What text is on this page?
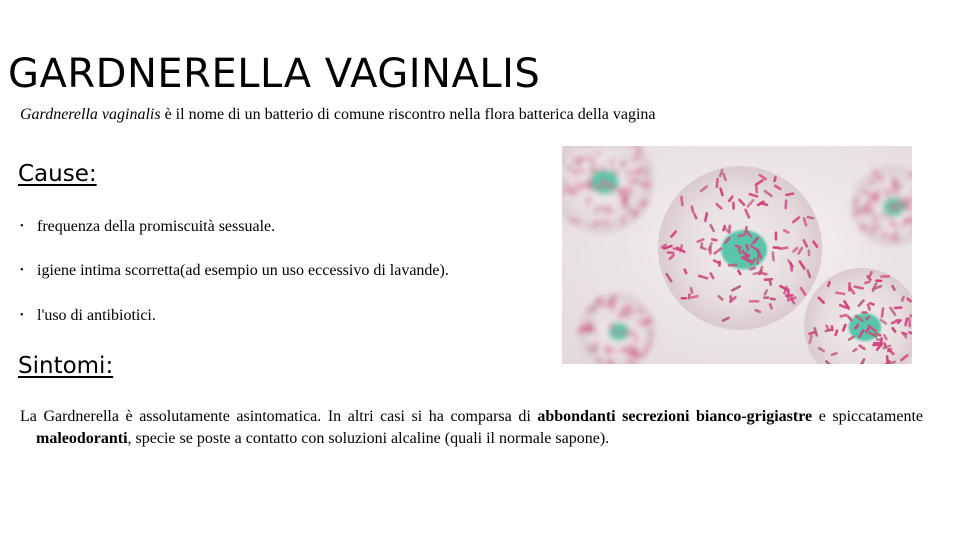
GARDNERELLA VAGINALIS

Gardnerella vaginalis è il nome di un batterio di comune riscontro nella flora batterica della vagina

Cause:
• frequenza della promiscuità sessuale.
• igiene intima scorretta(ad esempio un uso eccessivo di lavande).
• l'uso di antibiotici.
Sintomi:

La Gardnerella è assolutamente asintomatica. In altri casi si ha comparsa di abbondanti secrezioni bianco-grigiastre e spiccatamente maleodoranti, specie se poste a contatto con soluzioni alcaline (quali il normale sapone).
